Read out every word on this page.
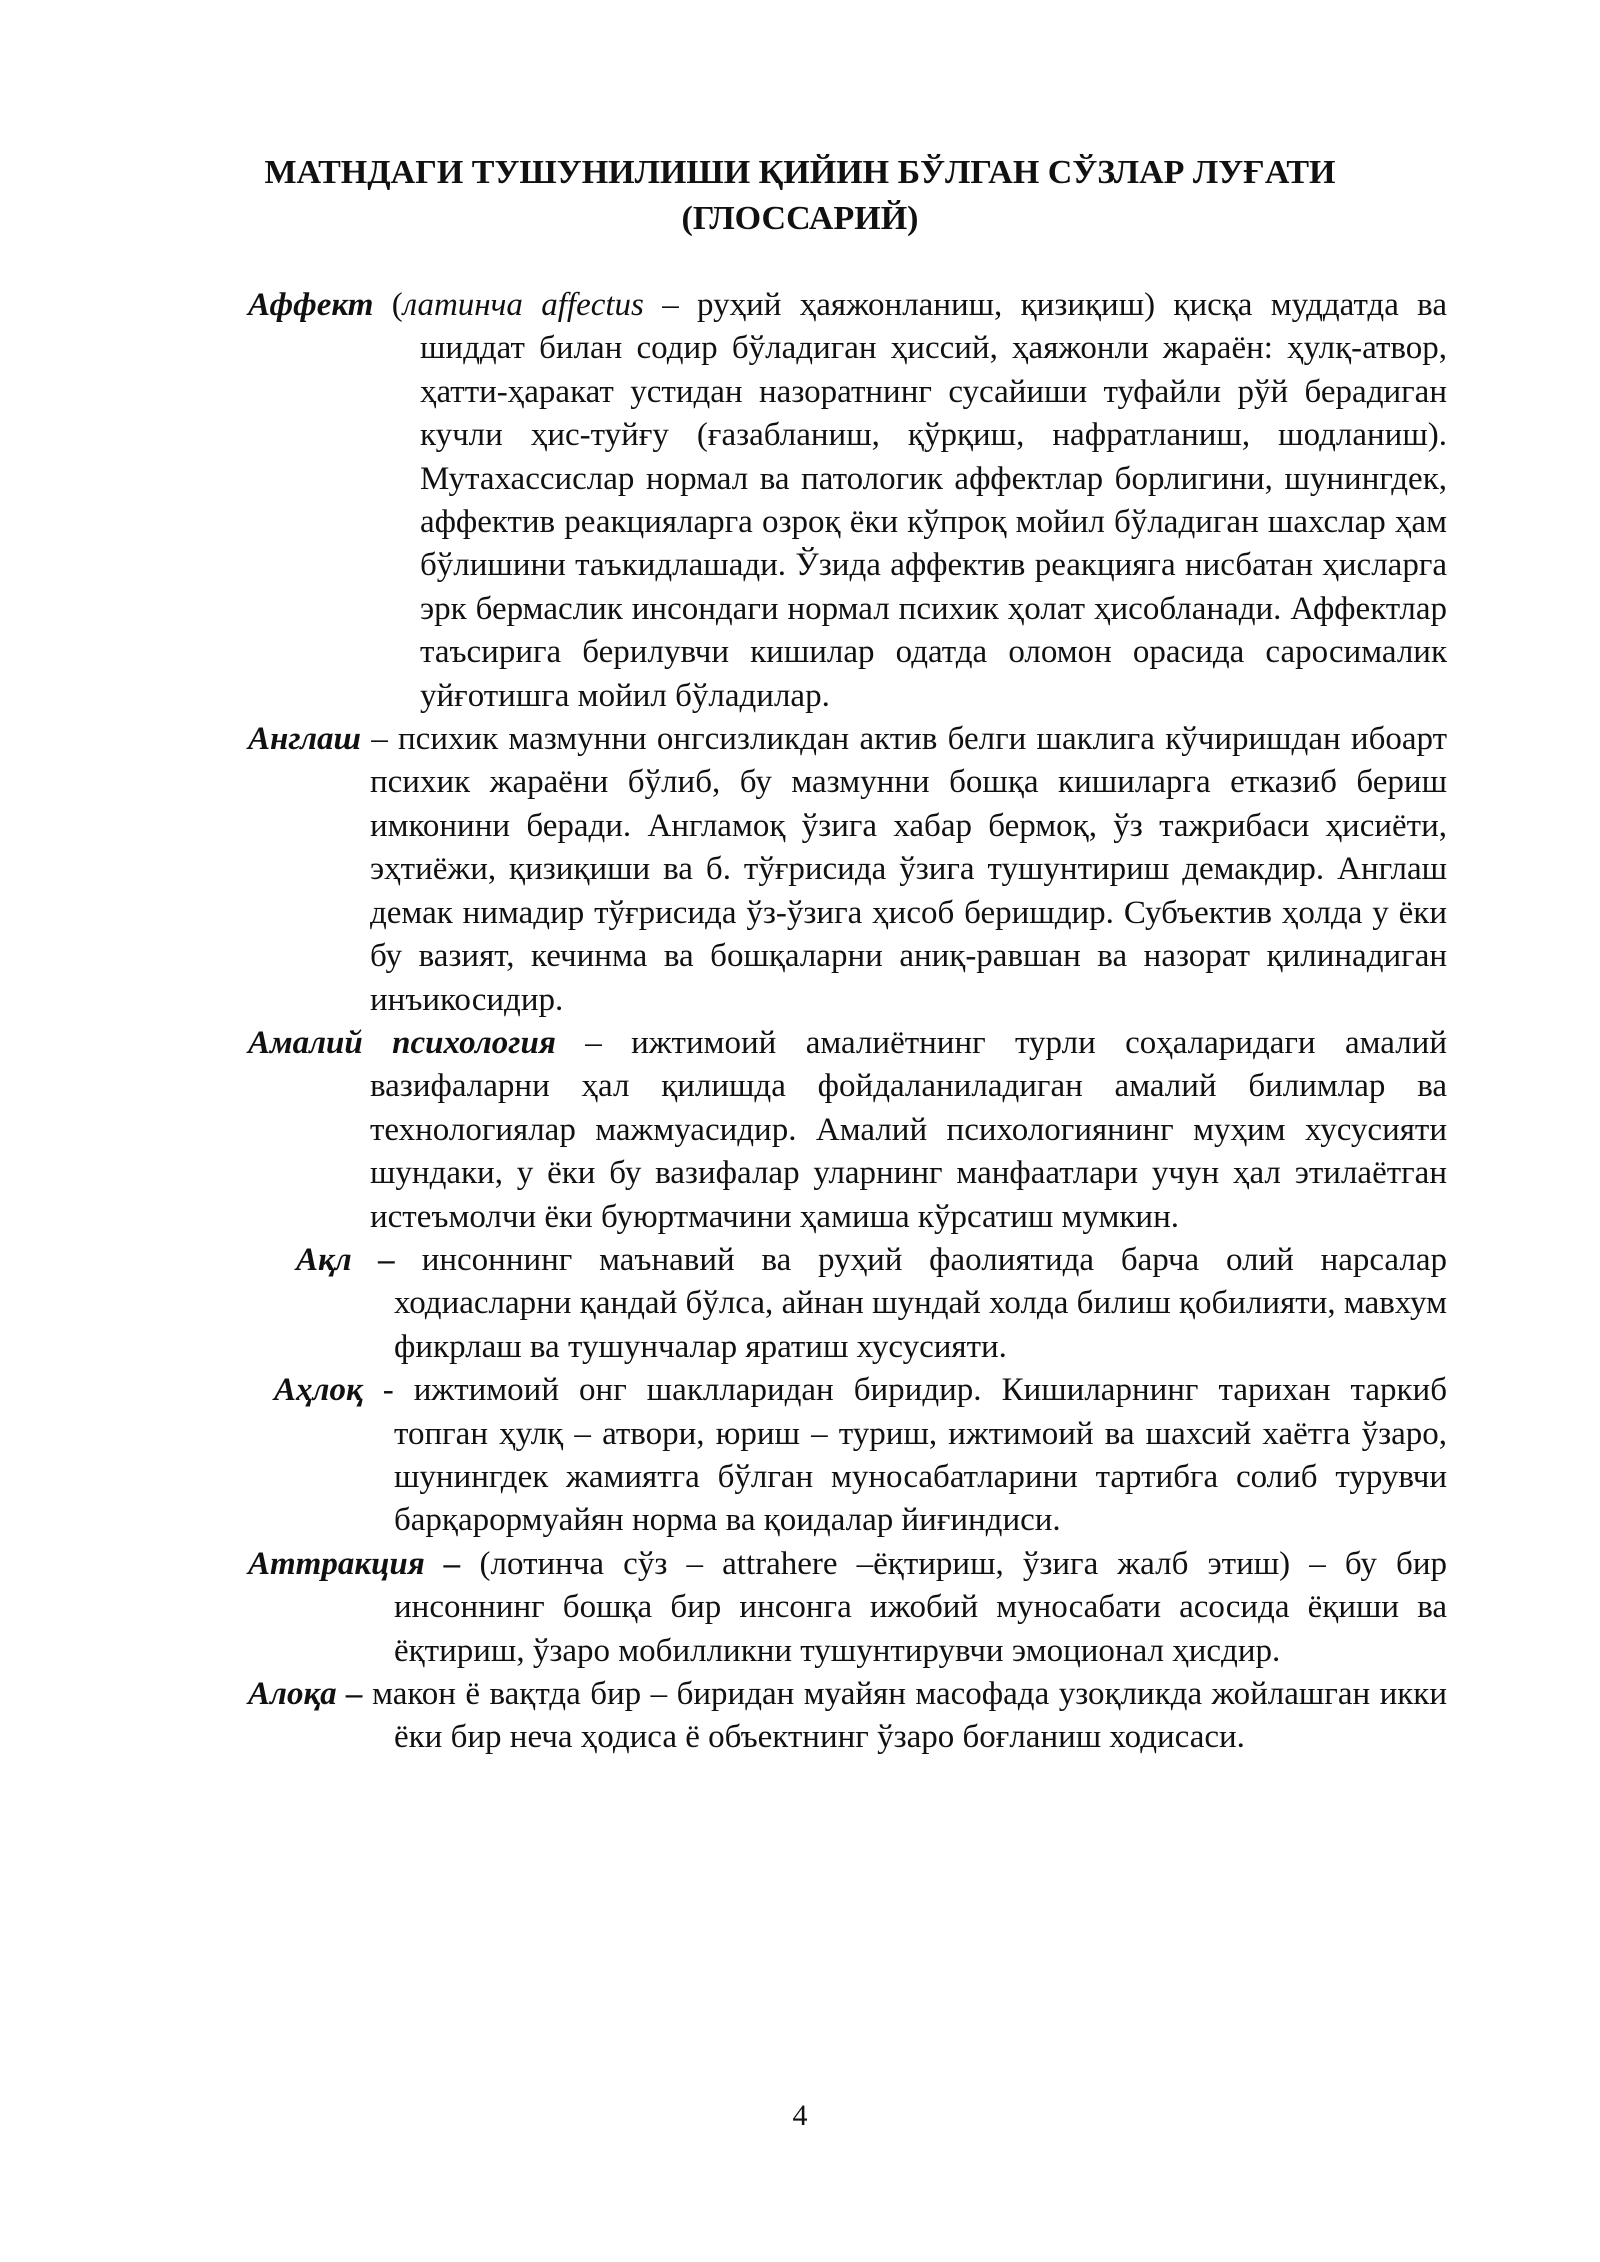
МАТНДАГИ ТУШУНИЛИШИ ҚИЙИН БЎЛГАН СЎЗЛАР ЛУҒАТИ
(ГЛОССАРИЙ)

Аффект (латинча affectus – руҳий ҳаяжонланиш, қизиқиш) қисқа муддатда ва шиддат билан содир бўладиган ҳиссий, ҳаяжонли жараён: ҳулқ-атвор, ҳатти-ҳаракат устидан назоратнинг сусайиши туфайли рўй берадиган кучли ҳис-туйғу (ғазабланиш, қўрқиш, нафратланиш, шодланиш). Мутахассислар нормал ва патологик аффектлар борлигини, шунингдек, аффектив реакцияларга озроқ ёки кўпроқ мойил бўладиган шахслар ҳам бўлишини таъкидлашади. Ўзида аффектив реакцияга нисбатан ҳисларга эрк бермаслик инсондаги нормал психик ҳолат ҳисобланади. Аффектлар таъсирига берилувчи кишилар одатда оломон орасида саросималик уйғотишга мойил бўладилар.

Англаш – психик мазмунни онгсизликдан актив белги шаклига кўчиришдан ибоарт психик жараёни бўлиб, бу мазмунни бошқа кишиларга етказиб бериш имконини беради. Англамоқ ўзига хабар бермоқ, ўз тажрибаси ҳисиёти, эҳтиёжи, қизиқиши ва б. тўғрисида ўзига тушунтириш демакдир. Англаш демак нимадир тўғрисида ўз-ўзига ҳисоб беришдир. Субъектив ҳолда у ёки бу вазият, кечинма ва бошқаларни аниқ-равшан ва назорат қилинадиган инъикосидир.

Амалий психология – ижтимоий амалиётнинг турли соҳаларидаги амалий вазифаларни ҳал қилишда фойдаланиладиган амалий билимлар ва технологиялар мажмуасидир. Амалий психологиянинг муҳим хусусияти шундаки, у ёки бу вазифалар уларнинг манфаатлари учун ҳал этилаётган истеъмолчи ёки буюртмачини ҳамиша кўрсатиш мумкин.

Ақл – инсоннинг маънавий ва руҳий фаолиятида барча олий нарсалар ходиасларни қандай бўлса, айнан шундай холда билиш қобилияти, мавхум фикрлаш ва тушунчалар яратиш хусусияти.

Аҳлоқ - ижтимоий онг шаклларидан биридир. Кишиларнинг тарихан таркиб топган ҳулқ – атвори, юриш – туриш, ижтимоий ва шахсий хаётга ўзаро, шунингдек жамиятга бўлган муносабатларини тартибга солиб турувчи барқарормуайян норма ва қоидалар йиғиндиси.

Аттракция – (лотинча сўз – attrahere –ёқтириш, ўзига жалб этиш) – бу бир инсоннинг бошқа бир инсонга ижобий муносабати асосида ёқиши ва ёқтириш, ўзаро мобилликни тушунтирувчи эмоционал ҳисдир.

Алоқа – макон ё вақтда бир – биридан муайян масофада узоқликда жойлашган икки ёки бир неча ҳодиса ё объектнинг ўзаро боғланиш ходисаси.

4
